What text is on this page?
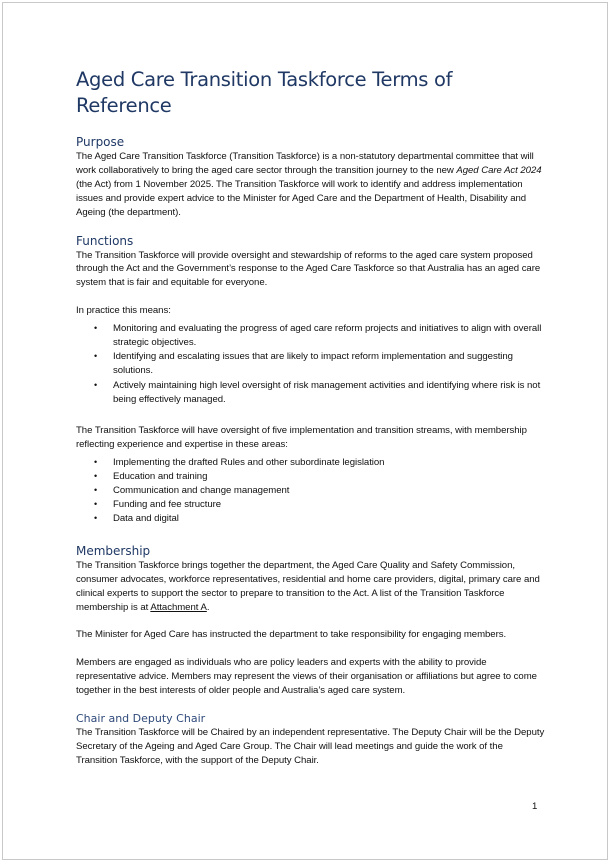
Aged Care Transition Taskforce Terms of Reference
Purpose

The Aged Care Transition Taskforce (Transition Taskforce) is a non-statutory departmental committee that will work collaboratively to bring the aged care sector through the transition journey to the new Aged Care Act 2024 (the Act) from 1 November 2025. The Transition Taskforce will work to identify and address implementation issues and provide expert advice to the Minister for Aged Care and the Department of Health, Disability and Ageing (the department).

Functions

The Transition Taskforce will provide oversight and stewardship of reforms to the aged care system proposed through the Act and the Government’s response to the Aged Care Taskforce so that Australia has an aged care system that is fair and equitable for everyone.

In practice this means:

• Monitoring and evaluating the progress of aged care reform projects and initiatives to align with overall strategic objectives.
• Identifying and escalating issues that are likely to impact reform implementation and suggesting solutions.
• Actively maintaining high level oversight of risk management activities and identifying where risk is not being effectively managed.

The Transition Taskforce will have oversight of five implementation and transition streams, with membership reflecting experience and expertise in these areas:

• Implementing the drafted Rules and other subordinate legislation
• Education and training
• Communication and change management
• Funding and fee structure
• Data and digital
Membership

The Transition Taskforce brings together the department, the Aged Care Quality and Safety Commission, consumer advocates, workforce representatives, residential and home care providers, digital, primary care and clinical experts to support the sector to prepare to transition to the Act. A list of the Transition Taskforce membership is at Attachment A.

The Minister for Aged Care has instructed the department to take responsibility for engaging members.

Members are engaged as individuals who are policy leaders and experts with the ability to provide representative advice. Members may represent the views of their organisation or affiliations but agree to come together in the best interests of older people and Australia’s aged care system.

Chair and Deputy Chair

The Transition Taskforce will be Chaired by an independent representative. The Deputy Chair will be the Deputy Secretary of the Ageing and Aged Care Group. The Chair will lead meetings and guide the work of the Transition Taskforce, with the support of the Deputy Chair.

1
